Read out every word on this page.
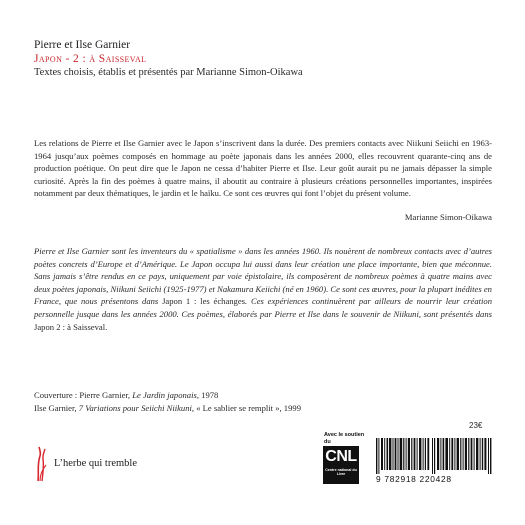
Pierre et Ilse Garnier
Japon - 2 : à Saisseval
Textes choisis, établis et présentés par Marianne Simon-Oikawa
Les relations de Pierre et Ilse Garnier avec le Japon s’inscrivent dans la durée. Des premiers contacts avec Niikuni Seiichi en 1963-1964 jusqu’aux poèmes composés en hommage au poète japonais dans les années 2000, elles recouvrent quarante-cinq ans de production poétique. On peut dire que le Japon ne cessa d’habiter Pierre et Ilse. Leur goût aurait pu ne jamais dépasser la simple curiosité. Après la fin des poèmes à quatre mains, il aboutit au contraire à plusieurs créations personnelles importantes, inspirées notamment par deux thématiques, le jardin et le haïku. Ce sont ces œuvres qui font l’objet du présent volume.
Marianne Simon-Oikawa
Pierre et Ilse Garnier sont les inventeurs du « spatialisme » dans les années 1960. Ils nouèrent de nombreux contacts avec d’autres poètes concrets d’Europe et d’Amérique. Le Japon occupa lui aussi dans leur création une place importante, bien que méconnue. Sans jamais s’être rendus en ce pays, uniquement par voie épistolaire, ils composèrent de nombreux poèmes à quatre mains avec deux poètes japonais, Niikuni Seiichi (1925-1977) et Nakamura Keiichi (né en 1960). Ce sont ces œuvres, pour la plupart inédites en France, que nous présentons dans Japon 1 : les échanges. Ces expériences continuèrent par ailleurs de nourrir leur création personnelle jusque dans les années 2000. Ces poèmes, élaborés par Pierre et Ilse dans le souvenir de Niikuni, sont présentés dans Japon 2 : à Saisseval.
Couverture : Pierre Garnier, Le Jardin japonais, 1978
Ilse Garnier, 7 Variations pour Seiichi Niikuni, « Le sablier se remplit », 1999
23€
L’herbe qui tremble
Avec le soutien du
CNL
Centre national du Livre	9 782918 220428
